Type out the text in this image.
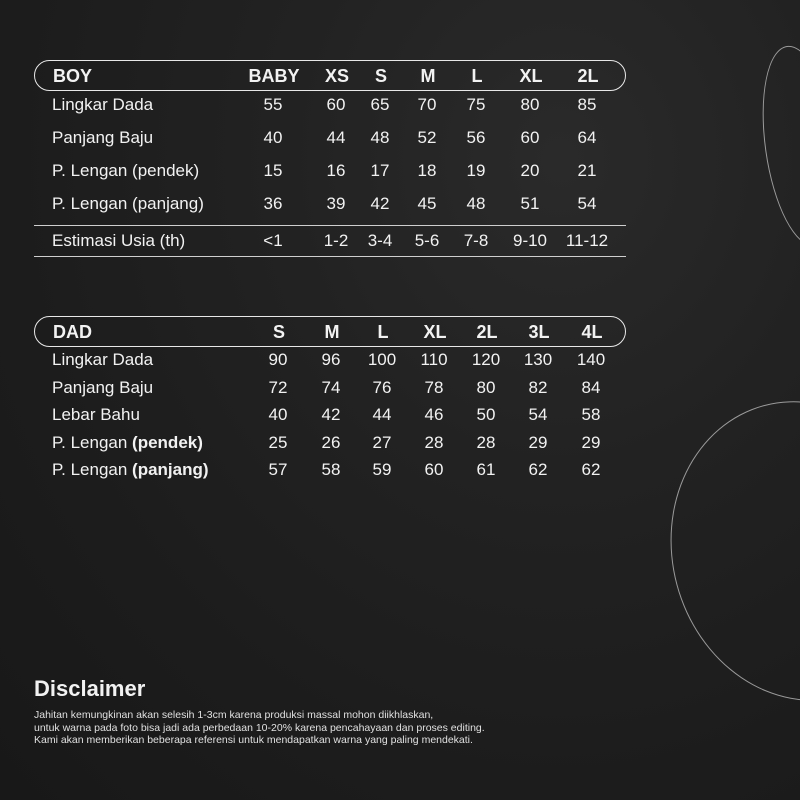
BOY	BABY XS S M L XL 2L
Lingkar Dada	55	60 65 70 75 80 85
Panjang Baju	40	44 48 52 56 60 64
P. Lengan (pendek)	15	16 17 18 19 20 21
P. Lengan (panjang)	36	39 42 45 48 51 54
Estimasi Usia (th)	<1 1-2 3-4 5-6 7-8 9-10 11-12
DAD	S M L XL 2L 3L 4L
Lingkar Dada	90 96 100 110 120 130 140
Panjang Baju	72 74 76 78 80 82 84
Lebar Bahu	40 42 44 46 50 54 58
P. Lengan (pendek)	25 26 27 28 28 29 29
P. Lengan (panjang)	57 58 59 60 61 62 62
Disclaimer
Jahitan kemungkinan akan selesih 1-3cm karena produksi massal mohon diikhlaskan,
untuk warna pada foto bisa jadi ada perbedaan 10-20% karena pencahayaan dan proses editing.
Kami akan memberikan beberapa referensi untuk mendapatkan warna yang paling mendekati.
